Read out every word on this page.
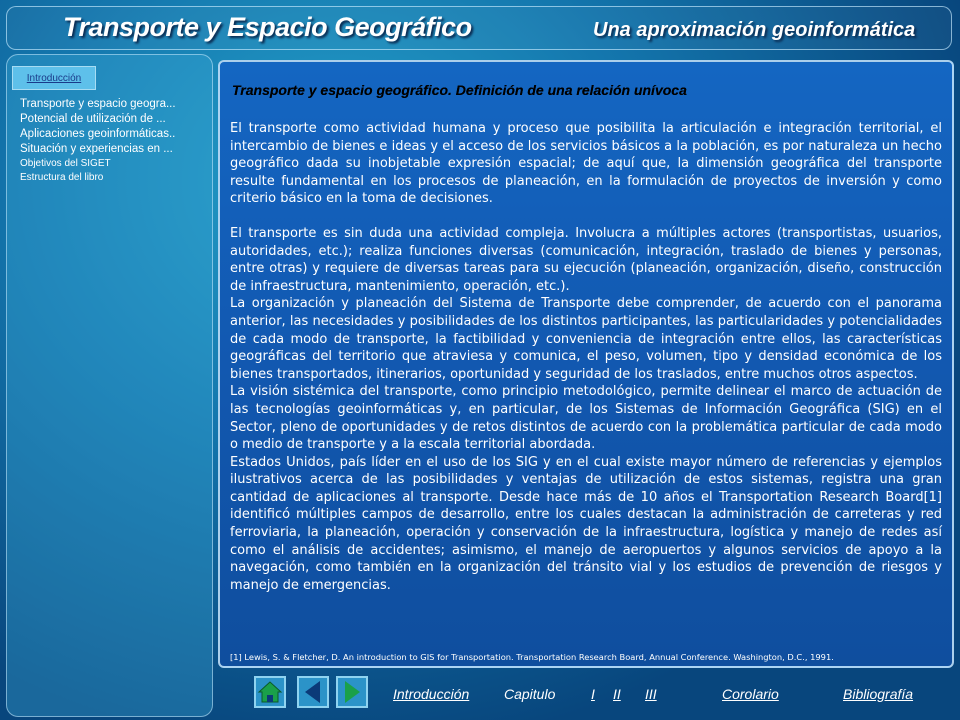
Transporte y Espacio Geográfico	Una aproximación geoinformática
Introducción
Transporte y espacio geogra...
Potencial de utilización de ...
Aplicaciones geoinformáticas..
Situación y experiencias en ...
Objetivos del SIGET
Estructura del libro
Transporte y espacio geográfico. Definición de una relación unívoca

El transporte como actividad humana y proceso que posibilita la articulación e integración territorial, el intercambio de bienes e ideas y el acceso de los servicios básicos a la población, es por naturaleza un hecho geográfico dada su inobjetable expresión espacial; de aquí que, la dimensión geográfica del transporte resulte fundamental en los procesos de planeación, en la formulación de proyectos de inversión y como criterio básico en la toma de decisiones.

El transporte es sin duda una actividad compleja. Involucra a múltiples actores (transportistas, usuarios, autoridades, etc.); realiza funciones diversas (comunicación, integración, traslado de bienes y personas, entre otras) y requiere de diversas tareas para su ejecución (planeación, organización, diseño, construcción de infraestructura, mantenimiento, operación, etc.).

La organización y planeación del Sistema de Transporte debe comprender, de acuerdo con el panorama anterior, las necesidades y posibilidades de los distintos participantes, las particularidades y potencialidades de cada modo de transporte, la factibilidad y conveniencia de integración entre ellos, las características geográficas del territorio que atraviesa y comunica, el peso, volumen, tipo y densidad económica de los bienes transportados, itinerarios, oportunidad y seguridad de los traslados, entre muchos otros aspectos.

La visión sistémica del transporte, como principio metodológico, permite delinear el marco de actuación de las tecnologías geoinformáticas y, en particular, de los Sistemas de Información Geográfica (SIG) en el Sector, pleno de oportunidades y de retos distintos de acuerdo con la problemática particular de cada modo o medio de transporte y a la escala territorial abordada.

Estados Unidos, país líder en el uso de los SIG y en el cual existe mayor número de referencias y ejemplos ilustrativos acerca de las posibilidades y ventajas de utilización de estos sistemas, registra una gran cantidad de aplicaciones al transporte. Desde hace más de 10 años el Transportation Research Board[1] identificó múltiples campos de desarrollo, entre los cuales destacan la administración de carreteras y red ferroviaria, la planeación, operación y conservación de la infraestructura, logística y manejo de redes así como el análisis de accidentes; asimismo, el manejo de aeropuertos y algunos servicios de apoyo a la navegación, como también en la organización del tránsito vial y los estudios de prevención de riesgos y manejo de emergencias.

[1] Lewis, S. & Fletcher, D. An introduction to GIS for Transportation. Transportation Research Board, Annual Conference. Washington, D.C., 1991.
Introducción Capitulo	I II III	Corolario	Bibliografía
